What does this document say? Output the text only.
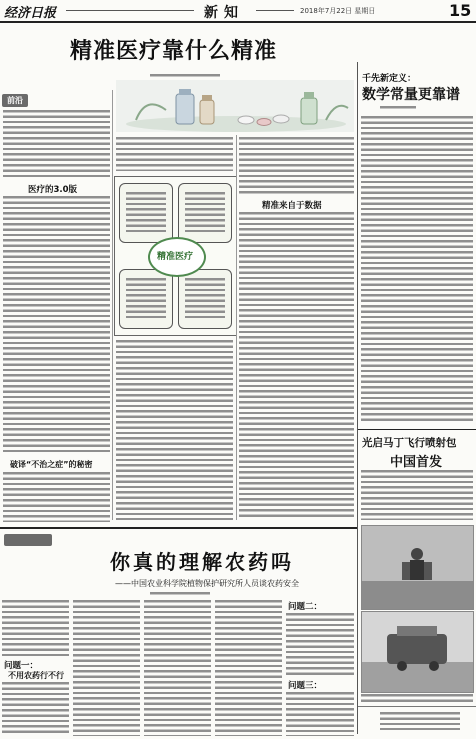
经济日报	新知	2018年7月22日 星期日	15
精准医疗靠什么精准
前沿
医疗的3.0版
破译“不治之症”的秘密
精准医疗
精准来自于数据
千先新定义：
数学常量更靠谱
光启马丁飞行喷射包
中国首发
你真的理解农药吗
——中国农业科学院植物保护研究所人员谈农药安全
问题一：
不用农药行不行
问题二：
问题三：
